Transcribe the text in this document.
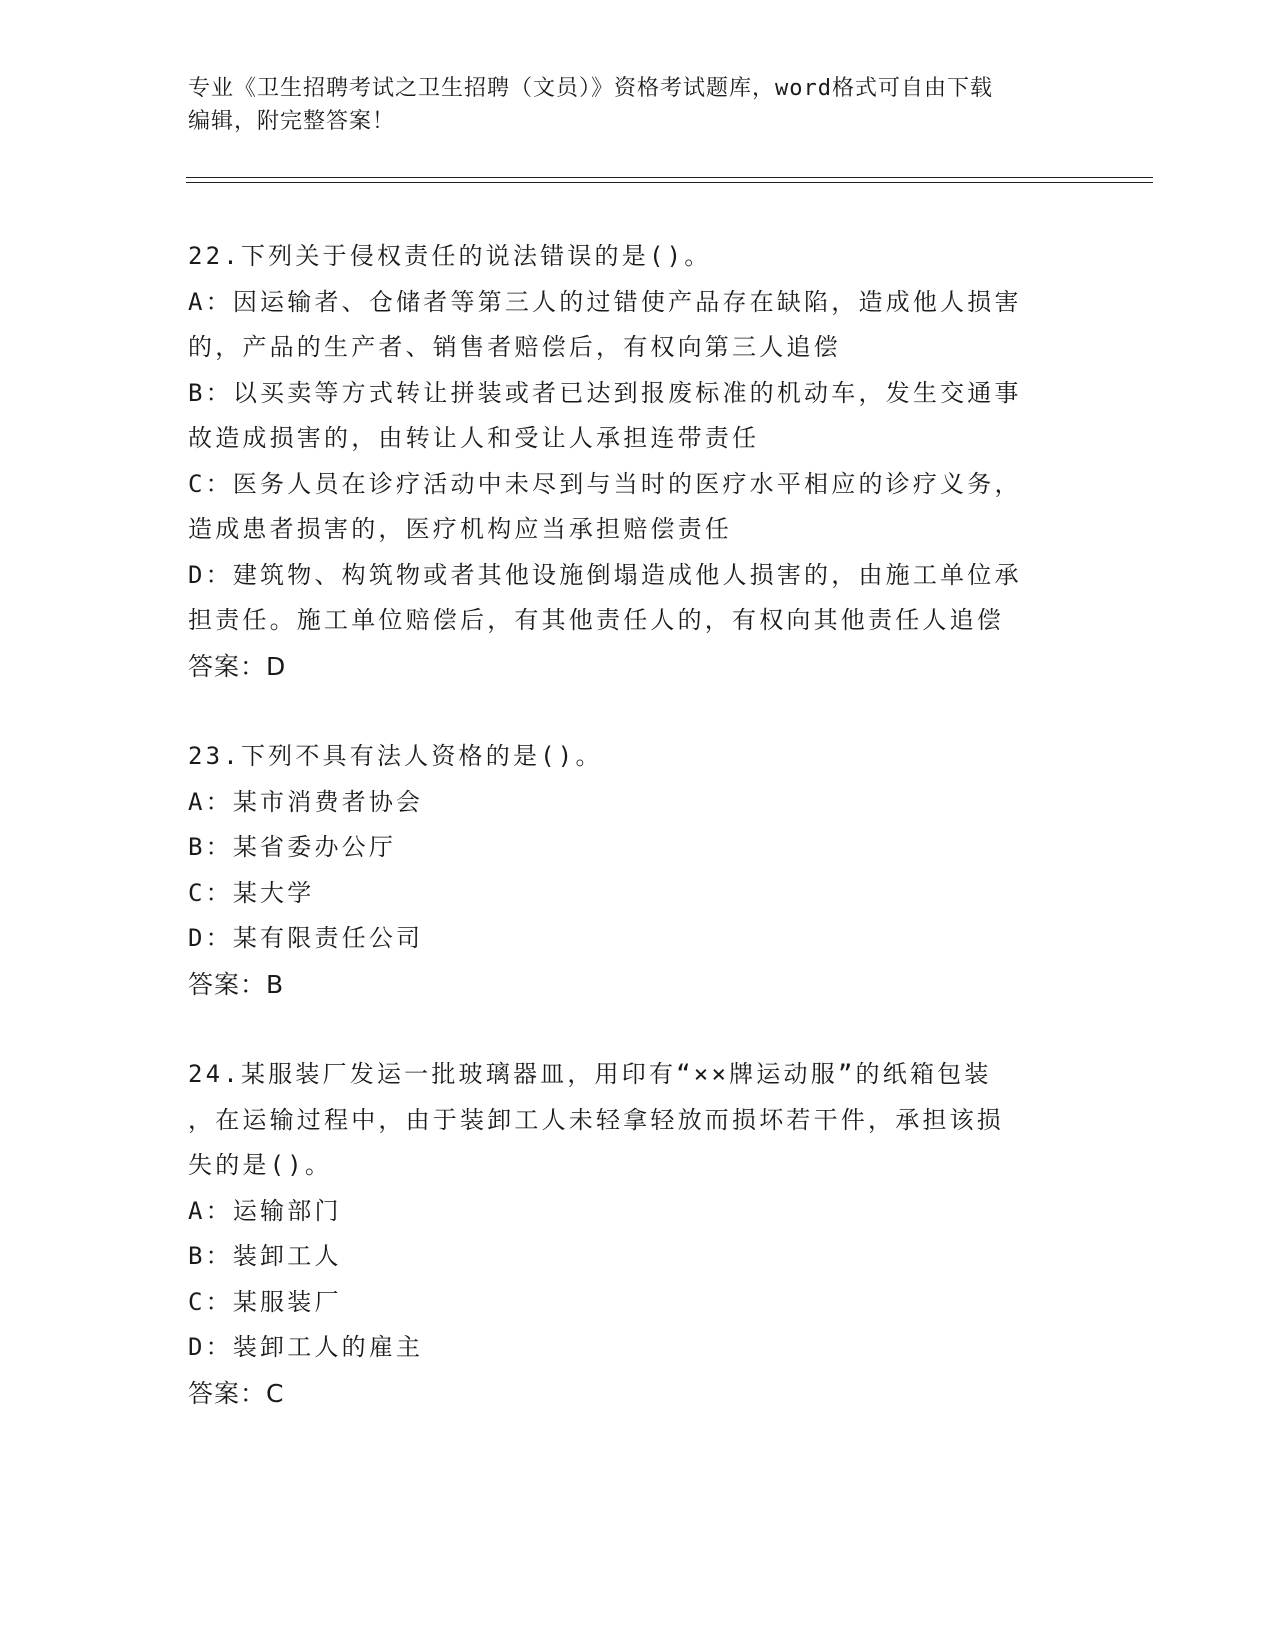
专业《卫生招聘考试之卫生招聘（文员）》资格考试题库，word格式可自由下载
编辑，附完整答案！
22.下列关于侵权责任的说法错误的是()。
A：因运输者、仓储者等第三人的过错使产品存在缺陷，造成他人损害
的，产品的生产者、销售者赔偿后，有权向第三人追偿
B：以买卖等方式转让拼装或者已达到报废标准的机动车，发生交通事
故造成损害的，由转让人和受让人承担连带责任
C：医务人员在诊疗活动中未尽到与当时的医疗水平相应的诊疗义务，
造成患者损害的，医疗机构应当承担赔偿责任
D：建筑物、构筑物或者其他设施倒塌造成他人损害的，由施工单位承
担责任。施工单位赔偿后，有其他责任人的，有权向其他责任人追偿
答案：D
23.下列不具有法人资格的是()。
A：某市消费者协会
B：某省委办公厅
C：某大学
D：某有限责任公司
答案：B
24.某服装厂发运一批玻璃器皿，用印有“××牌运动服”的纸箱包装
，在运输过程中，由于装卸工人未轻拿轻放而损坏若干件，承担该损
失的是()。
A：运输部门
B：装卸工人
C：某服装厂
D：装卸工人的雇主
答案：C
